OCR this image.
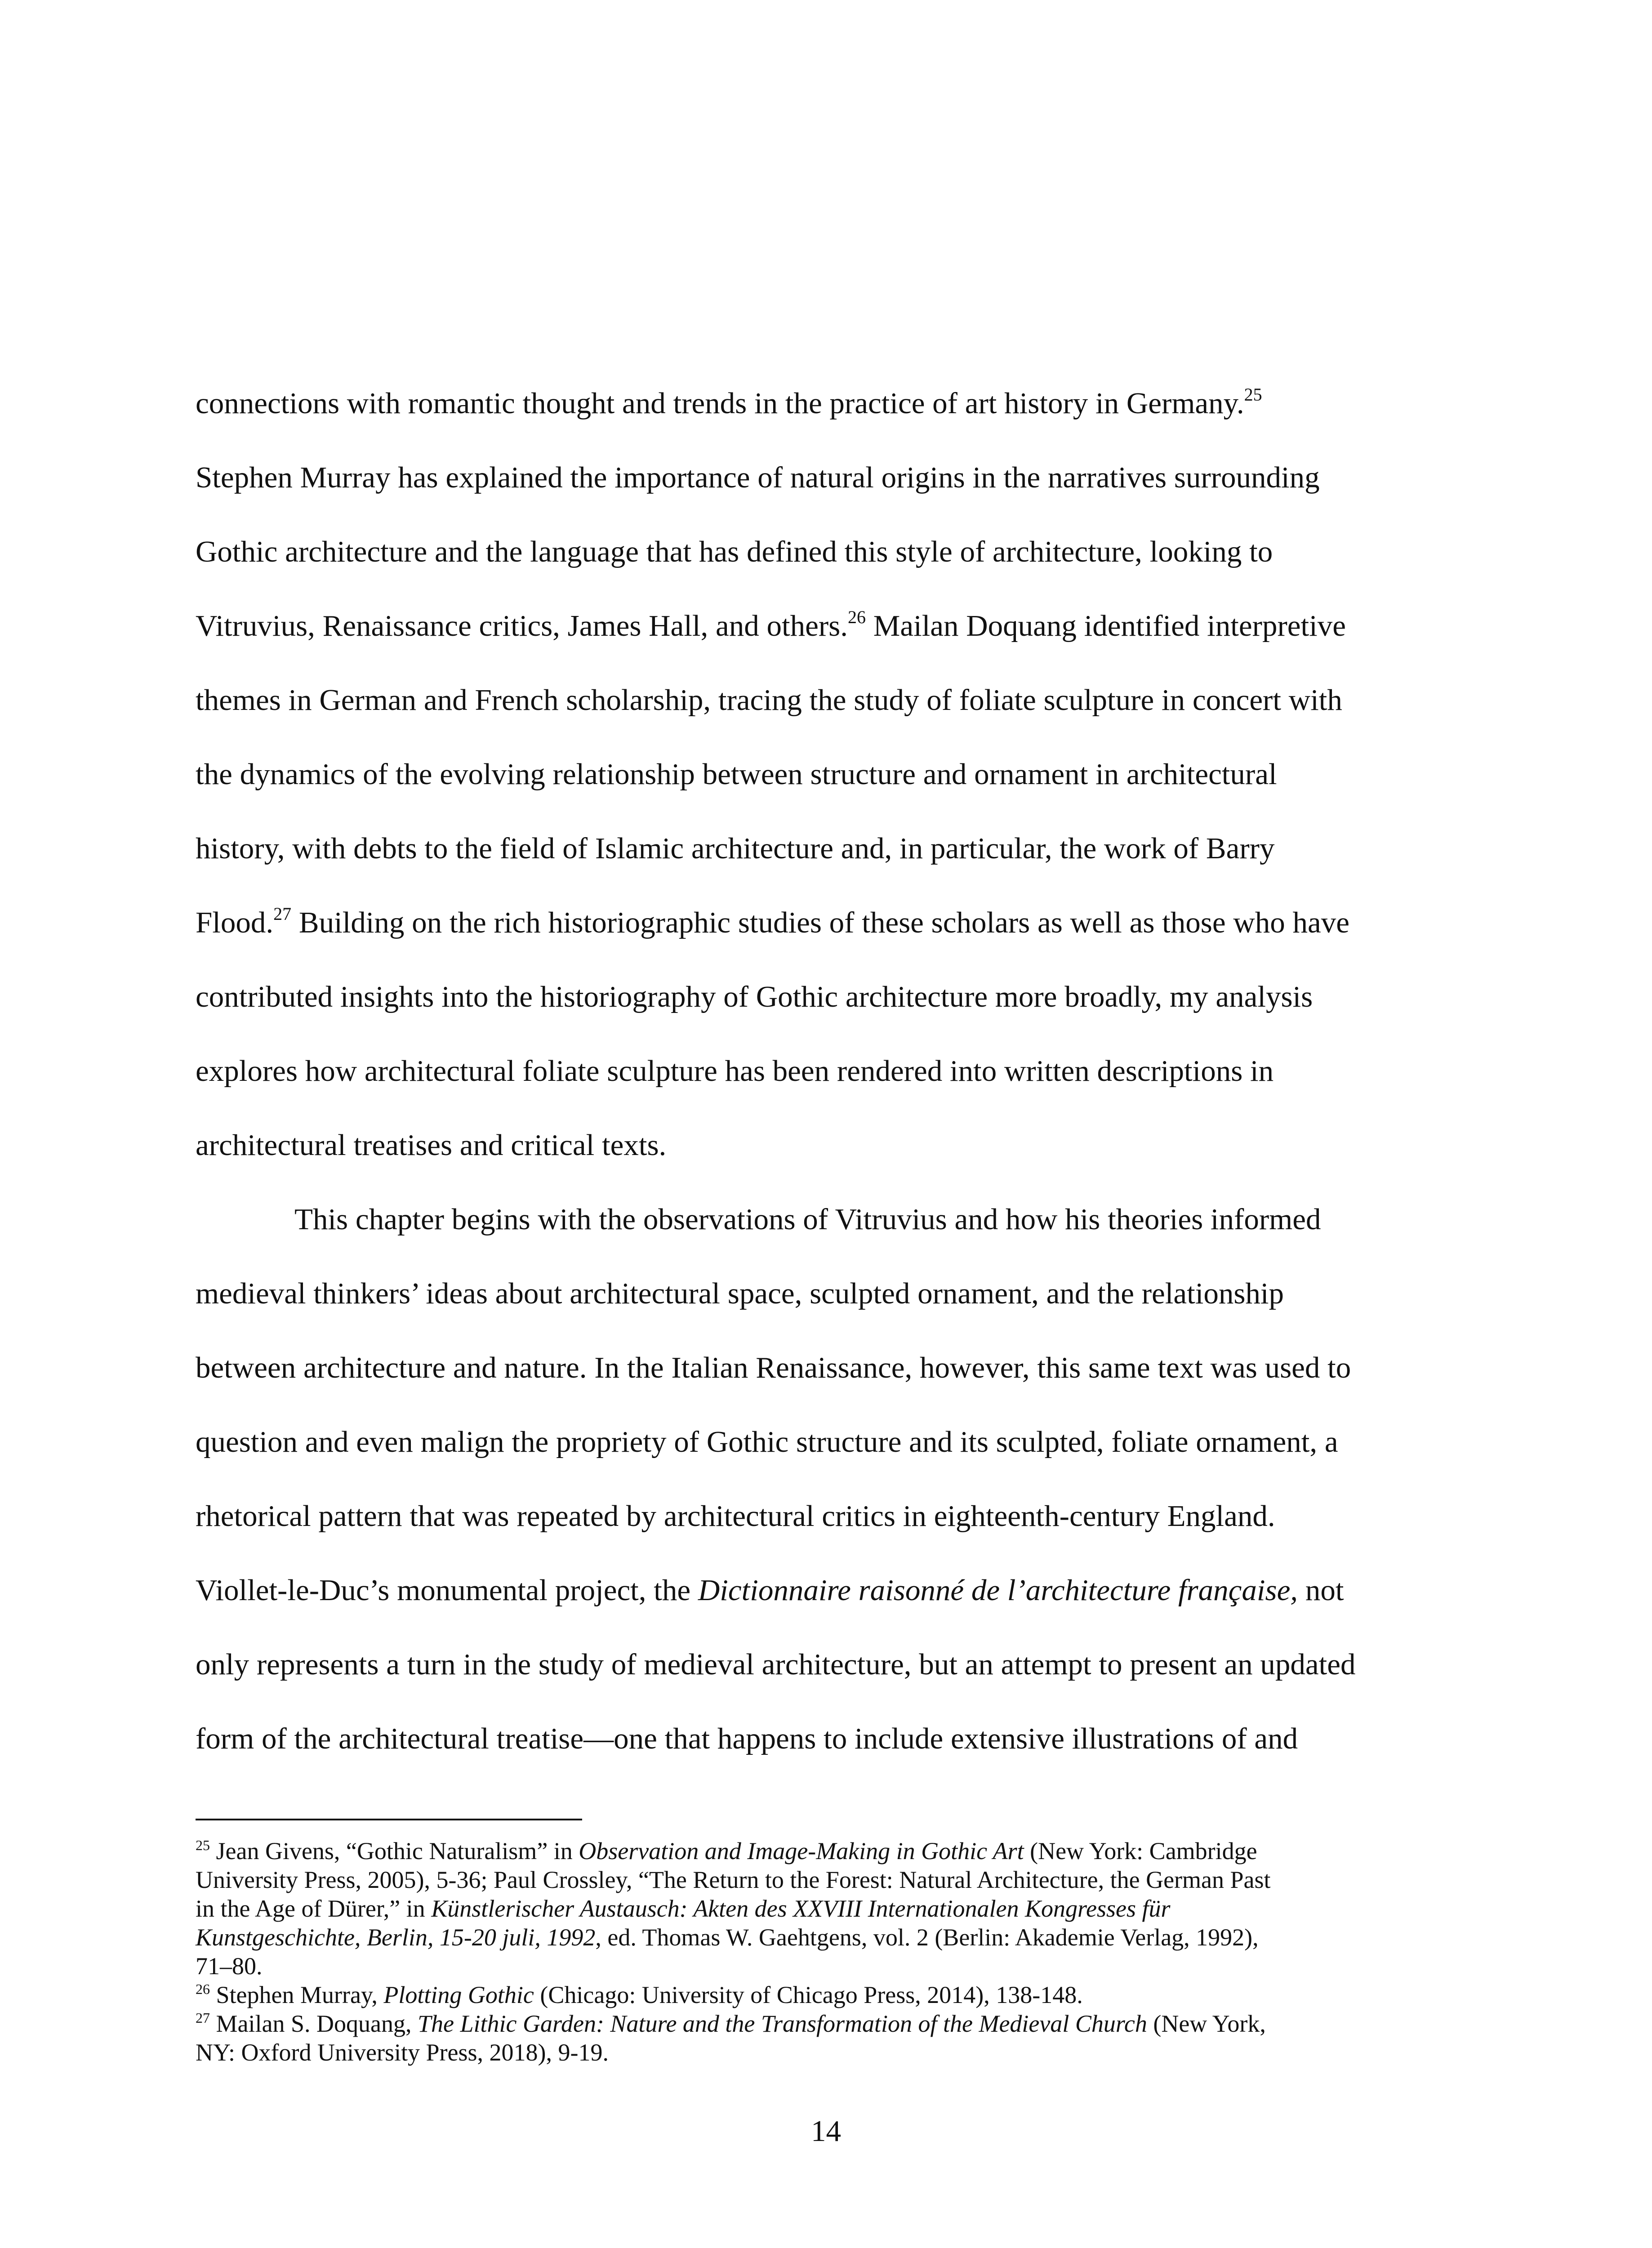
connections with romantic thought and trends in the practice of art history in Germany.$^{25}$
Stephen Murray has explained the importance of natural origins in the narratives surrounding
Gothic architecture and the language that has defined this style of architecture, looking to
Vitruvius, Renaissance critics, James Hall, and others.$^{26}$ Mailan Doquang identified interpretive
themes in German and French scholarship, tracing the study of foliate sculpture in concert with
the dynamics of the evolving relationship between structure and ornament in architectural
history, with debts to the field of Islamic architecture and, in particular, the work of Barry
Flood.$^{27}$ Building on the rich historiographic studies of these scholars as well as those who have
contributed insights into the historiography of Gothic architecture more broadly, my analysis
explores how architectural foliate sculpture has been rendered into written descriptions in
architectural treatises and critical texts.
This chapter begins with the observations of Vitruvius and how his theories informed
medieval thinkers’ ideas about architectural space, sculpted ornament, and the relationship
between architecture and nature. In the Italian Renaissance, however, this same text was used to
question and even malign the propriety of Gothic structure and its sculpted, foliate ornament, a
rhetorical pattern that was repeated by architectural critics in eighteenth-century England.
Viollet-le-Duc’s monumental project, the Dictionnaire raisonné de l’architecture française, not
only represents a turn in the study of medieval architecture, but an attempt to present an updated
form of the architectural treatise—one that happens to include extensive illustrations of and
$^{25}$ Jean Givens, “Gothic Naturalism” in Observation and Image-Making in Gothic Art (New York: Cambridge
University Press, 2005), 5-36; Paul Crossley, “The Return to the Forest: Natural Architecture, the German Past
in the Age of Dürer,” in Künstlerischer Austausch: Akten des XXVIII Internationalen Kongresses für
Kunstgeschichte, Berlin, 15-20 juli, 1992, ed. Thomas W. Gaehtgens, vol. 2 (Berlin: Akademie Verlag, 1992),
71–80.
$^{26}$ Stephen Murray, Plotting Gothic (Chicago: University of Chicago Press, 2014), 138-148.
$^{27}$ Mailan S. Doquang, The Lithic Garden: Nature and the Transformation of the Medieval Church (New York,
NY: Oxford University Press, 2018), 9-19.
14
